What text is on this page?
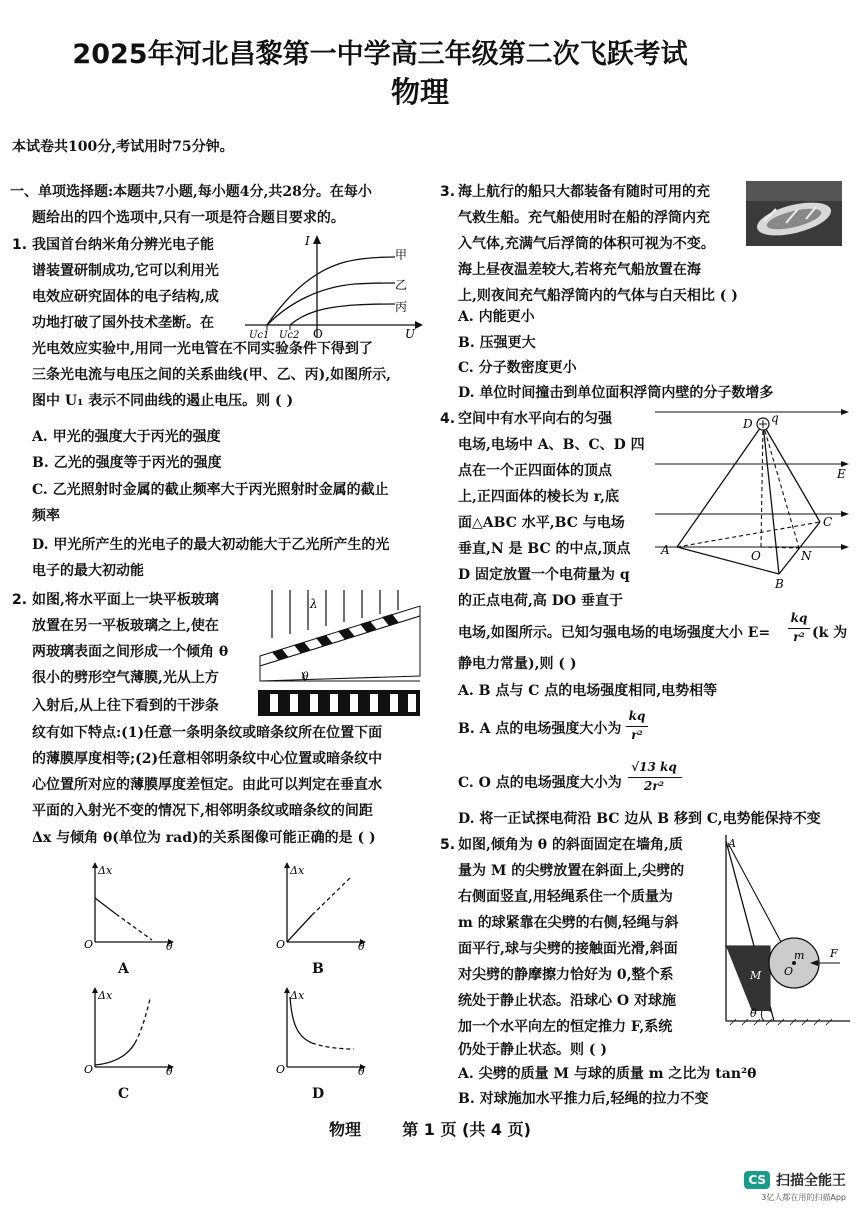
2025年河北昌黎第一中学高三年级第二次飞跃考试
物理
本试卷共100分,考试用时75分钟。
一、单项选择题:本题共7小题,每小题4分,共28分。在每小
题给出的四个选项中,只有一项是符合题目要求的。
1. 我国首台纳米角分辨光电子能
谱装置研制成功,它可以利用光
电效应研究固体的电子结构,成
功地打破了国外技术垄断。在
光电效应实验中,用同一光电管在不同实验条件下得到了
三条光电流与电压之间的关系曲线(甲、乙、丙),如图所示,
图中 U₁ 表示不同曲线的遏止电压。则 ( )
A. 甲光的强度大于丙光的强度
B. 乙光的强度等于丙光的强度
C. 乙光照射时金属的截止频率大于丙光照射时金属的截止
频率
D. 甲光所产生的光电子的最大初动能大于乙光所产生的光
电子的最大初动能
I
U
O
Uc1 Uc2
甲
乙
丙
2. 如图,将水平面上一块平板玻璃
放置在另一平板玻璃之上,使在
两玻璃表面之间形成一个倾角 θ
很小的劈形空气薄膜,光从上方
入射后,从上往下看到的干涉条
纹有如下特点:(1)任意一条明条纹或暗条纹所在位置下面
的薄膜厚度相等;(2)任意相邻明条纹中心位置或暗条纹中
心位置所对应的薄膜厚度差恒定。由此可以判定在垂直水
平面的入射光不变的情况下,相邻明条纹或暗条纹的间距
Δx 与倾角 θ(单位为 rad)的关系图像可能正确的是 ( )
λ
θ
Δx
O	θ
A
Δx
O	θ
B
Δx
O	θ
C
Δx
O	θ
D
3. 海上航行的船只大都装备有随时可用的充
气救生船。充气船使用时在船的浮筒内充
入气体,充满气后浮筒的体积可视为不变。
海上昼夜温差较大,若将充气船放置在海
上,则夜间充气船浮筒内的气体与白天相比 ( )
A. 内能更小
B. 压强更大
C. 分子数密度更小
D. 单位时间撞击到单位面积浮筒内壁的分子数增多
4. 空间中有水平向右的匀强
电场,电场中 A、B、C、D 四
点在一个正四面体的顶点
上,正四面体的棱长为 r,底
面△ABC 水平,BC 与电场
垂直,N 是 BC 的中点,顶点
D 固定放置一个电荷量为 q
的正点电荷,高 DO 垂直于
电场,如图所示。已知匀强电场的电场强度大小 E=
kq
r² (k 为
静电力常量),则 ( )
A. B 点与 C 点的电场强度相同,电势相等
B. A 点的电场强度大小为
kq
r²
C. O 点的电场强度大小为
√13 kq
2r²
D. 将一正试探电荷沿 BC 边从 B 移到 C,电势能保持不变
D q
A
B
C
O	N
E
5. 如图,倾角为 θ 的斜面固定在墙角,质
量为 M 的尖劈放置在斜面上,尖劈的
右侧面竖直,用轻绳系住一个质量为
m 的球紧靠在尖劈的右侧,轻绳与斜
面平行,球与尖劈的接触面光滑,斜面
对尖劈的静摩擦力恰好为 0,整个系
统处于静止状态。沿球心 O 对球施
加一个水平向左的恒定推力 F,系统
仍处于静止状态。则 ( )
A. 尖劈的质量 M 与球的质量 m 之比为 tan²θ
B. 对球施加水平推力后,轻绳的拉力不变
A
M
m
O
F
θ
物理	第 1 页 (共 4 页)
CS 扫描全能王
3亿人都在用的扫描App
